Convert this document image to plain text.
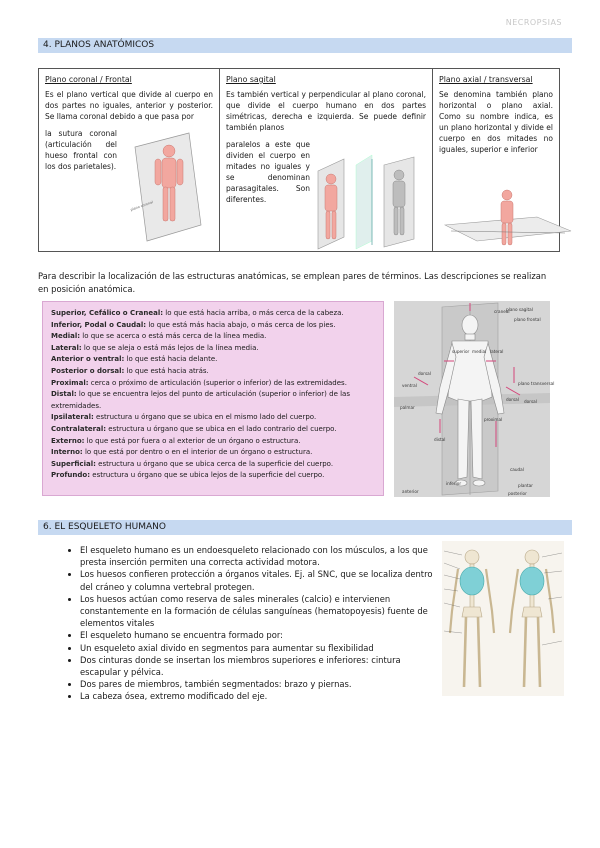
NECROPSIAS
4. PLANOS ANATÓMICOS
Plano coronal / Frontal
Es el plano vertical que divide al cuerpo en dos partes no iguales, anterior y posterior. Se llama coronal debido a que pasa por
la sutura coronal (articulación del hueso frontal con los dos parietales).
plano coronal

Plano sagital
Es también vertical y perpendicular al plano coronal, que divide el cuerpo humano en dos partes simétricas, derecha e izquierda. Se puede definir también planos
paralelos a este que dividen el cuerpo en mitades no iguales y se denominan parasagitales. Son diferentes.

Plano axial / transversal
Se denomina también plano horizontal o plano axial. Como su nombre indica, es un plano horizontal y divide el cuerpo en dos mitades no iguales, superior e inferior
Para describir la localización de las estructuras anatómicas, se emplean pares de términos. Las descripciones se realizan en posición anatómica.
Superior, Cefálico o Craneal: lo que está hacia arriba, o más cerca de la cabeza.
Inferior, Podal o Caudal: lo que está más hacia abajo, o más cerca de los pies.
Medial: lo que se acerca o está más cerca de la línea media.
Lateral: lo que se aleja o está más lejos de la línea media.
Anterior o ventral: lo que está hacia delante.
Posterior o dorsal: lo que está hacia atrás.
Proximal: cerca o próximo de articulación (superior o inferior) de las extremidades.
Distal: lo que se encuentra lejos del punto de articulación (superior o inferior) de las extremidades.
Ipsilateral: estructura u órgano que se ubica en el mismo lado del cuerpo.
Contralateral: estructura u órgano que se ubica en el lado contrario del cuerpo.
Externo: lo que está por fuera o al exterior de un órgano o estructura.
Interno: lo que está por dentro o en el interior de un órgano o estructura.
Superficial: estructura u órgano que se ubica cerca de la superficie del cuerpo.
Profundo: estructura u órgano que se ubica lejos de la superficie del cuerpo.
plano sagital
plano frontal
plano transversal
craneal
superior medial lateral
ventral
dorsal
dorsal dorsal
palmar
proximal
distal
caudal
inferior	plantar
anterior	posterior
6. EL ESQUELETO HUMANO
• El esqueleto humano es un endoesqueleto relacionado con los músculos, a los que presta inserción permiten una correcta actividad motora.
• Los huesos confieren protección a órganos vitales. Ej. al SNC, que se localiza dentro del cráneo y columna vertebral protegen.
• Los huesos actúan como reserva de sales minerales (calcio) e intervienen constantemente en la formación de células sanguíneas (hematopoyesis) fuente de elementos vitales
• El esqueleto humano se encuentra formado por:
• Un esqueleto axial divido en segmentos para aumentar su flexibilidad
• Dos cinturas donde se insertan los miembros superiores e inferiores: cintura escapular y pélvica.
• Dos pares de miembros, también segmentados: brazo y piernas.
• La cabeza ósea, extremo modificado del eje.
